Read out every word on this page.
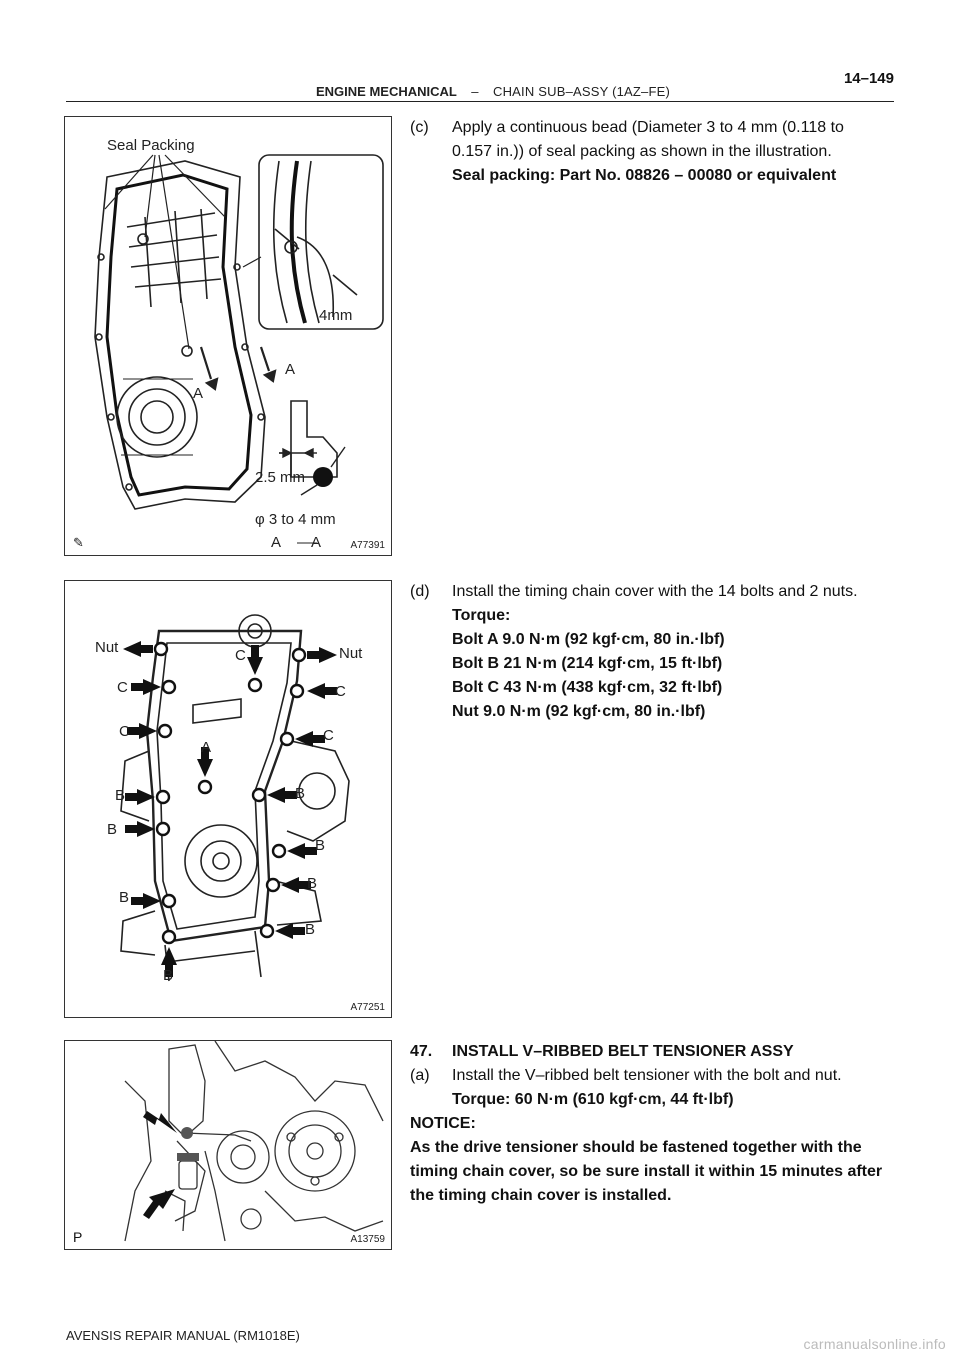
ENGINE MECHANICAL – CHAIN SUB–ASSY (1AZ–FE)
14–149
Seal Packing
4mm
A
A
2.5 mm
φ 3 to 4 mm
A A
✎	A77391
Nut	Nut
C
C	C
C	C
A
B	B
B
B
B
B
B
B
A77251
P	A13759
(c) Apply a continuous bead (Diameter 3 to 4 mm (0.118 to
0.157 in.)) of seal packing as shown in the illustration.
Seal packing: Part No. 08826 – 00080 or equivalent
(d) Install the timing chain cover with the 14 bolts and 2 nuts.
Torque:
Bolt A 9.0 N·m (92 kgf·cm, 80 in.·lbf)
Bolt B 21 N·m (214 kgf·cm, 15 ft·lbf)
Bolt C 43 N·m (438 kgf·cm, 32 ft·lbf)
Nut 9.0 N·m (92 kgf·cm, 80 in.·lbf)
47. INSTALL V–RIBBED BELT TENSIONER ASSY
(a) Install the V–ribbed belt tensioner with the bolt and nut.
Torque: 60 N·m (610 kgf·cm, 44 ft·lbf)
NOTICE:
As the drive tensioner should be fastened together with the timing chain cover, so be sure install it within 15 minutes after the timing chain cover is installed.
AVENSIS REPAIR MANUAL (RM1018E)
carmanualsonline.info
